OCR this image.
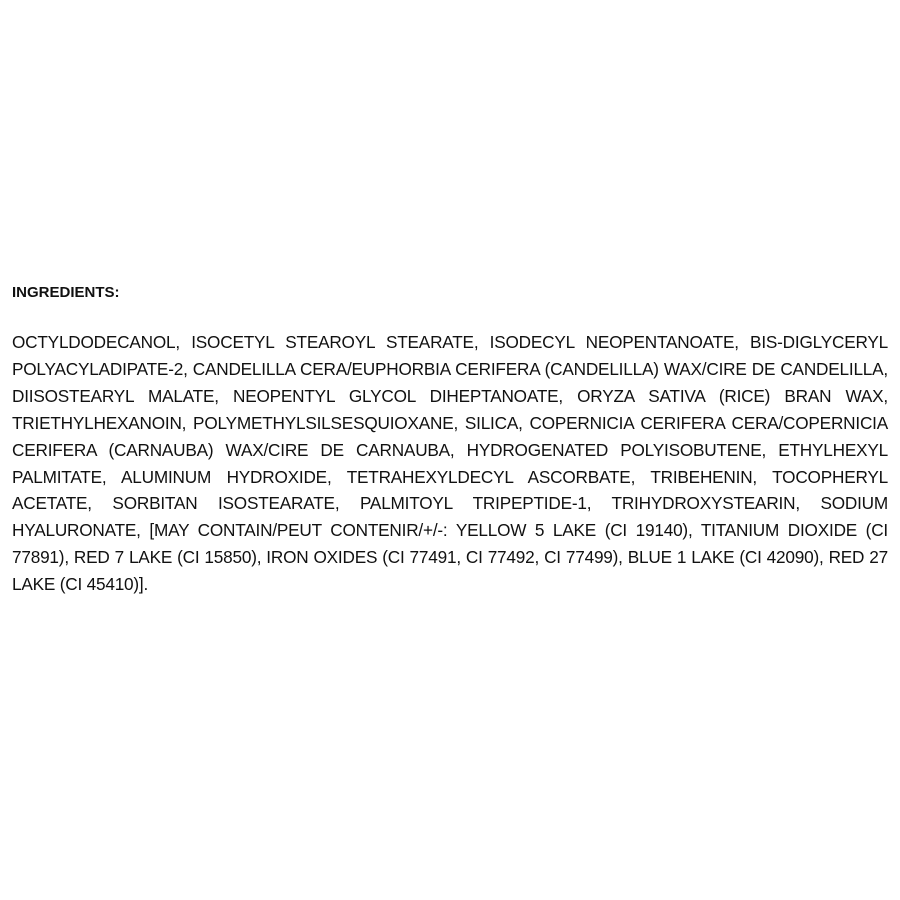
INGREDIENTS:

OCTYLDODECANOL, ISOCETYL STEAROYL STEARATE, ISODECYL NEOPENTANOATE, BIS-DIGLYCERYL POLYACYLADIPATE-2, CANDELILLA CERA/EUPHORBIA CERIFERA (CANDELILLA) WAX/CIRE DE CANDELILLA, DIISOSTEARYL MALATE, NEOPENTYL GLYCOL DIHEPTANOATE, ORYZA SATIVA (RICE) BRAN WAX, TRIETHYLHEXANOIN, POLYMETHYLSILSESQUIOXANE, SILICA, COPERNICIA CERIFERA CERA/COPERNICIA CERIFERA (CARNAUBA) WAX/CIRE DE CARNAUBA, HYDROGENATED POLYISOBUTENE, ETHYLHEXYL PALMITATE, ALUMINUM HYDROXIDE, TETRAHEXYLDECYL ASCORBATE, TRIBEHENIN, TOCOPHERYL ACETATE, SORBITAN ISOSTEARATE, PALMITOYL TRIPEPTIDE-1, TRIHYDROXYSTEARIN, SODIUM HYALURONATE, [MAY CONTAIN/PEUT CONTENIR/+/-: YELLOW 5 LAKE (CI 19140), TITANIUM DIOXIDE (CI 77891), RED 7 LAKE (CI 15850), IRON OXIDES (CI 77491, CI 77492, CI 77499), BLUE 1 LAKE (CI 42090), RED 27 LAKE (CI 45410)].
